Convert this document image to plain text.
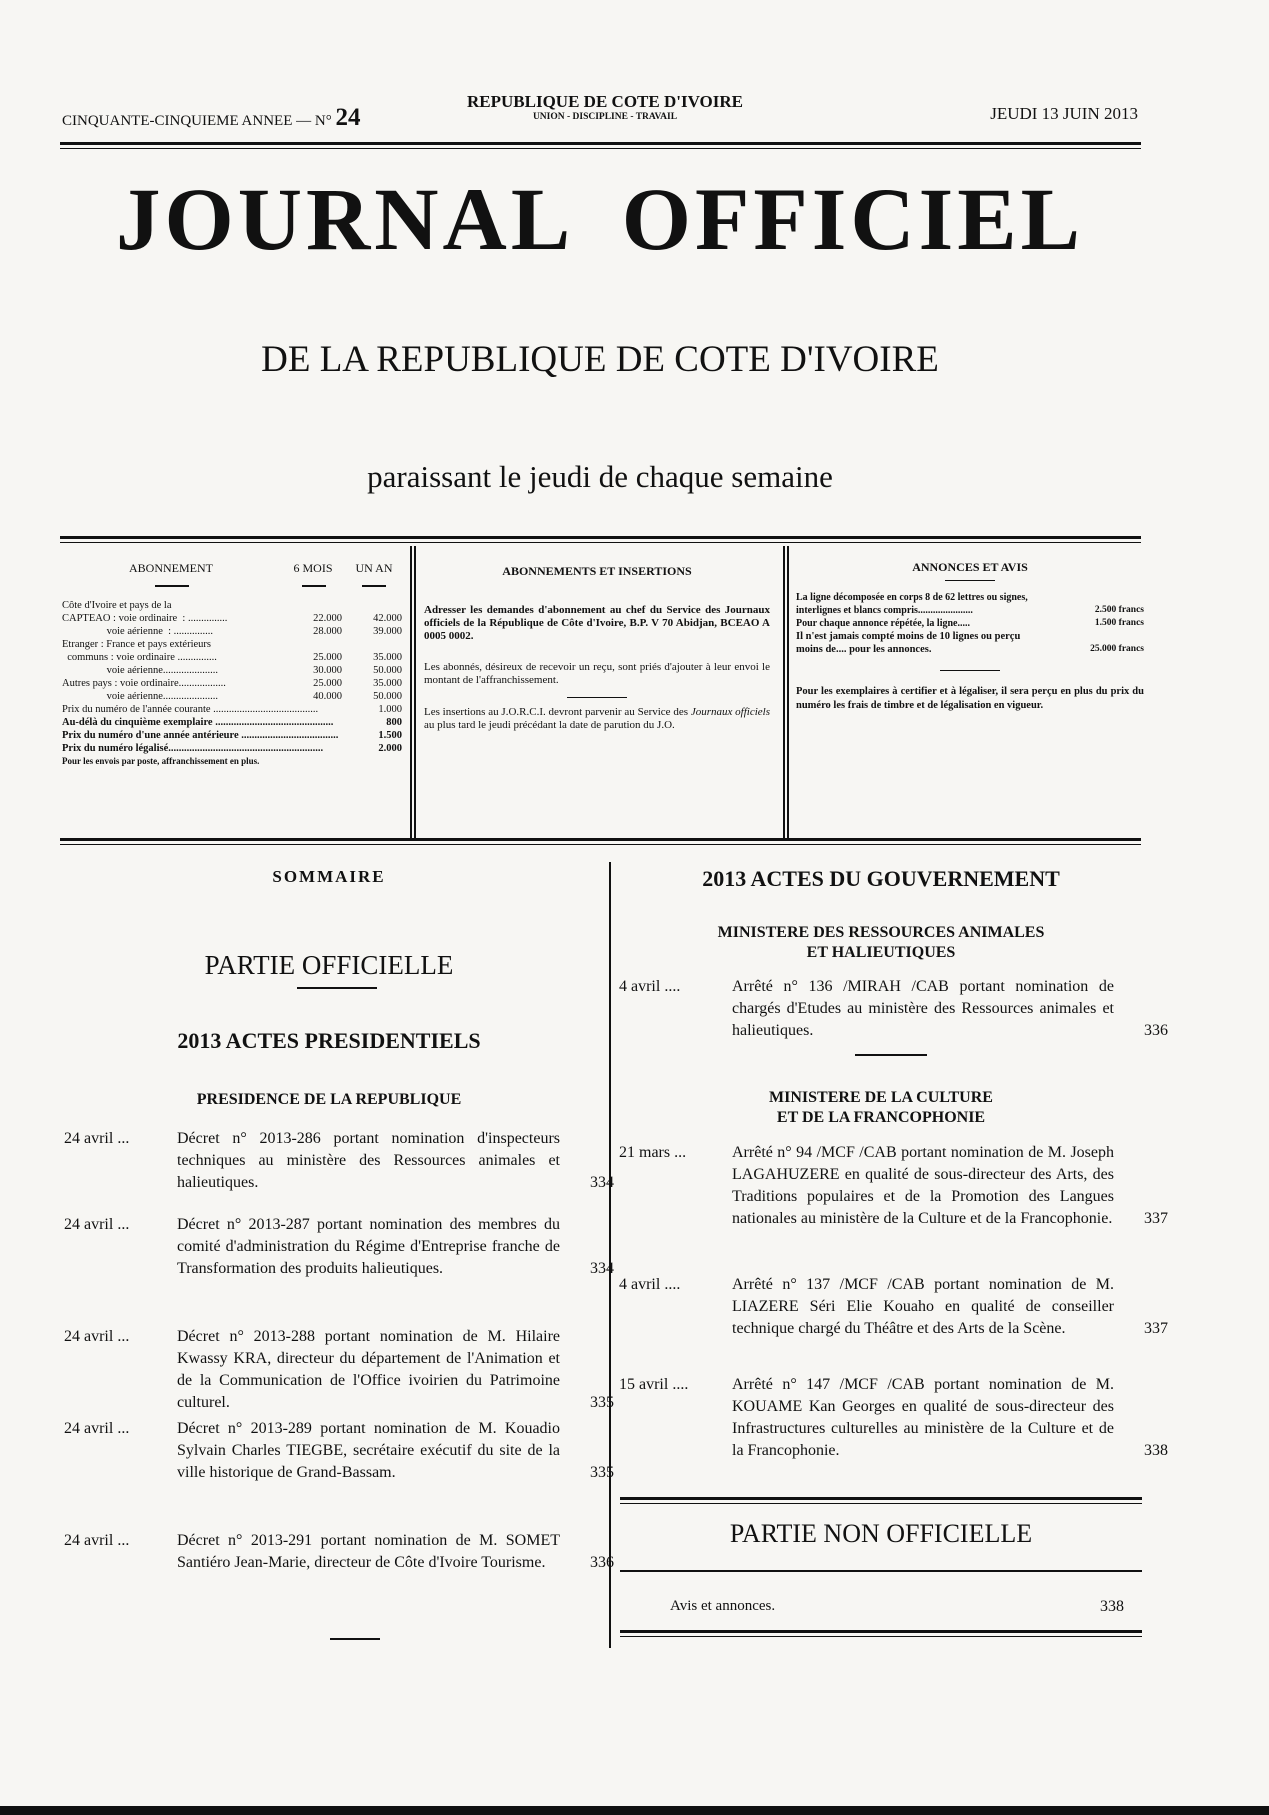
CINQUANTE-CINQUIEME ANNEE — N° 24
REPUBLIQUE DE COTE D'IVOIRE
UNION - DISCIPLINE - TRAVAIL	JEUDI 13 JUIN 2013
JOURNAL  OFFICIEL
DE LA REPUBLIQUE DE COTE D'IVOIRE
paraissant le jeudi de chaque semaine
ABONNEMENT	6 MOIS	UN AN
Côte d'Ivoire et pays de la
CAPTEAO : voie ordinaire  : ...............	22.000	42.000
voie aérienne  : ...............	28.000	39.000
Etranger : France et pays extérieurs
communs : voie ordinaire ...............	25.000	35.000
voie aérienne.....................	30.000	50.000
Autres pays : voie ordinaire..................	25.000	35.000
voie aérienne.....................	40.000	50.000
Prix du numéro de l'année courante ........................................	1.000
Au-délà du cinquième exemplaire .............................................	800
Prix du numéro d'une année antérieure .....................................	1.500
Prix du numéro légalisé...........................................................	2.000
Pour les envois par poste, affranchissement en plus.
ABONNEMENTS ET INSERTIONS

Adresser les demandes d'abonnement au chef du Service des Journaux officiels de la République de Côte d'Ivoire, B.P. V 70 Abidjan, BCEAO A 0005 0002.

Les abonnés, désireux de recevoir un reçu, sont priés d'ajouter à leur envoi le montant de l'affranchissement.

Les insertions au J.O.R.C.I. devront parvenir au Service des Journaux officiels au plus tard le jeudi précédant la date de parution du J.O.

ANNONCES ET AVIS
La ligne décomposée en corps 8 de 62 lettres ou signes, interlignes et blancs compris......................	2.500 francs
Pour chaque annonce répétée, la ligne.....	1.500 francs
Il n'est jamais compté moins de 10 lignes ou perçu moins de.... pour les annonces.	25.000 francs
Pour les exemplaires à certifier et à légaliser, il sera perçu en plus du prix du numéro les frais de timbre et de légalisation en vigueur.
SOMMAIRE
PARTIE OFFICIELLE
2013 ACTES PRESIDENTIELS
PRESIDENCE DE LA REPUBLIQUE
24 avril ...	Décret n° 2013-286 portant nomination d'inspecteurs techniques au ministère des Ressources animales et halieutiques.	334
24 avril ...	Décret n° 2013-287 portant nomination des membres du comité d'administration du Régime d'Entreprise franche de Transformation des produits halieutiques.	334
24 avril ...	Décret n° 2013-288 portant nomination de M. Hilaire Kwassy KRA, directeur du département de l'Animation et de la Communication de l'Office ivoirien du Patrimoine culturel.	335
24 avril ...	Décret n° 2013-289 portant nomination de M. Kouadio Sylvain Charles TIEGBE, secrétaire exécutif du site de la ville historique de Grand-Bassam.	335
24 avril ...	Décret n° 2013-291 portant nomination de M. SOMET Santiéro Jean-Marie, directeur de Côte d'Ivoire Tourisme.	336
2013 ACTES DU GOUVERNEMENT
MINISTERE DES RESSOURCES ANIMALES
ET HALIEUTIQUES
MINISTERE DE LA CULTURE
ET DE LA FRANCOPHONIE
4 avril ....	Arrêté n° 136 /MIRAH /CAB portant nomination de chargés d'Etudes au ministère des Ressources animales et halieutiques.	336
21 mars ...	Arrêté n° 94 /MCF /CAB portant nomination de M. Joseph LAGAHUZERE en qualité de sous-directeur des Arts, des Traditions populaires et de la Promotion des Langues nationales au ministère de la Culture et de la Francophonie.	337
4 avril ....	Arrêté n° 137 /MCF /CAB portant nomination de M. LIAZERE Séri Elie Kouaho en qualité de conseiller technique chargé du Théâtre et des Arts de la Scène.	337
15 avril ....	Arrêté n° 147 /MCF /CAB portant nomination de M. KOUAME Kan Georges en qualité de sous-directeur des Infrastructures culturelles au ministère de la Culture et de la Francophonie.	338
PARTIE NON OFFICIELLE
Avis et annonces.	338
